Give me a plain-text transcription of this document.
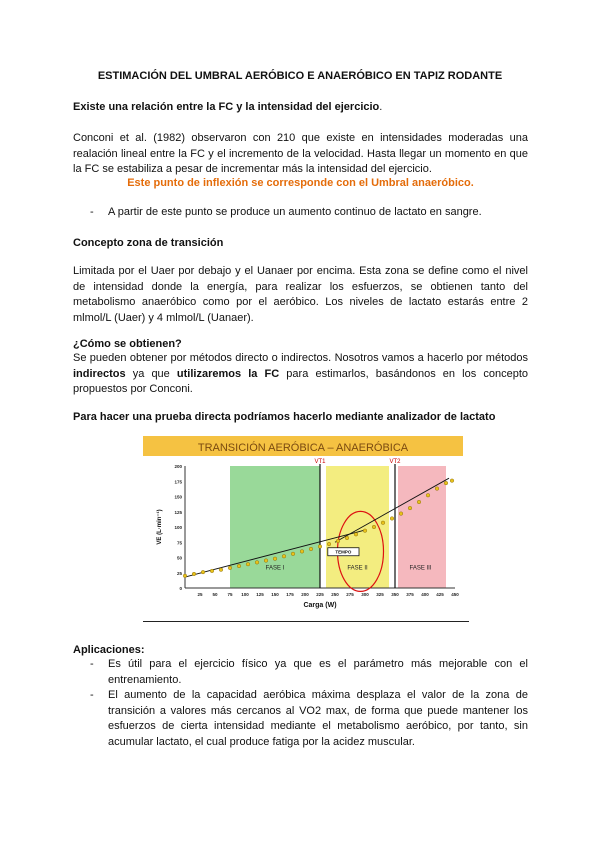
ESTIMACIÓN DEL UMBRAL AERÓBICO E ANAERÓBICO EN TAPIZ RODANTE
Existe una relación entre la FC y la intensidad del ejercicio.
Conconi et al. (1982) observaron con 210 que existe en intensidades moderadas una realación lineal entre la FC y el incremento de la velocidad. Hasta llegar un momento en que la FC se estabiliza a pesar de incrementar más la intensidad del ejercicio.
Este punto de inflexión se corresponde con el Umbral anaeróbico.
- A partir de este punto se produce un aumento continuo de lactato en sangre.
Concepto zona de transición
Limitada por el Uaer por debajo y el Uanaer por encima. Esta zona se define como el nivel de intensidad donde la energía, para realizar los esfuerzos, se obtienen tanto del metabolismo anaeróbico como por el aeróbico. Los niveles de lactato estarás entre 2 mlmol/L (Uaer) y 4 mlmol/L (Uanaer).
¿Cómo se obtienen?
Se pueden obtener por métodos directo o indirectos. Nosotros vamos a hacerlo por métodos indirectos ya que utilizaremos la FC para estimarlos, basándonos en los concepto propuestos por Conconi.
Para hacer una prueba directa podríamos hacerlo mediante analizador de lactato
TRANSICIÓN AERÓBICA – ANAERÓBICA
VT1	VT2
25 50 75 100 125 150 175 200 225 250 275 300 325 350 375 400 425 450
0
25
50
75
100
125
150
175
200
Carga (W)
VE (L·min⁻¹)
FASE I	FASE II	FASE III
TEMPO
Aplicaciones:
- Es útil para el ejercicio físico ya que es el parámetro más mejorable con el entrenamiento.
- El aumento de la capacidad aeróbica máxima desplaza el valor de la zona de transición a valores más cercanos al VO2 max, de forma que puede mantener los esfuerzos de cierta intensidad mediante el metabolismo aeróbico, por tanto, sin acumular lactato, el cual produce fatiga por la acidez muscular.
